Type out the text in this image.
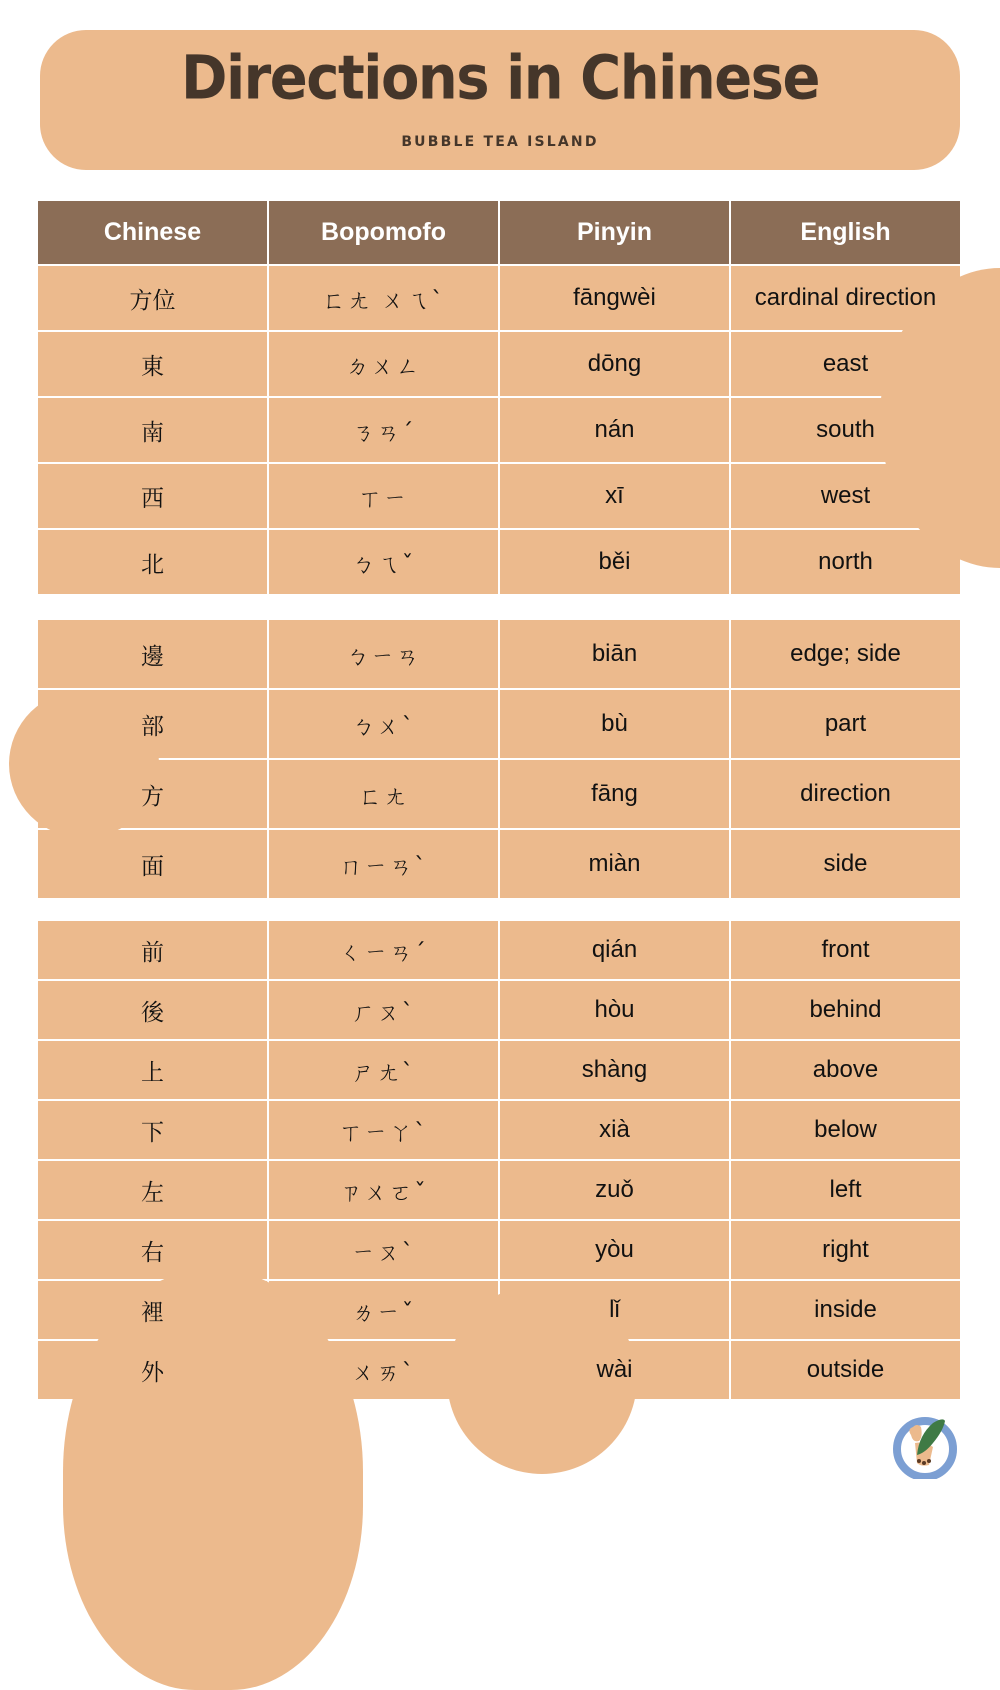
Directions in Chinese
BUBBLE TEA ISLAND
Chinese	Bopomofo	Pinyin	English
方位	ㄈㄤ ㄨㄟˋ	fāngwèi	cardinal direction
東	ㄉㄨㄥ	dōng	east
南	ㄋㄢˊ	nán	south
西	ㄒㄧ	xī	west
北	ㄅㄟˇ	běi	north
邊	ㄅㄧㄢ	biān	edge; side
部	ㄅㄨˋ	bù	part
方	ㄈㄤ	fāng	direction
面	ㄇㄧㄢˋ	miàn	side
前	ㄑㄧㄢˊ	qián	front
後	ㄏㄡˋ	hòu	behind
上	ㄕㄤˋ	shàng	above
下	ㄒㄧㄚˋ	xià	below
左	ㄗㄨㄛˇ	zuǒ	left
右	ㄧㄡˋ	yòu	right
裡	ㄌㄧˇ	lǐ	inside
外	ㄨㄞˋ	wài	outside
